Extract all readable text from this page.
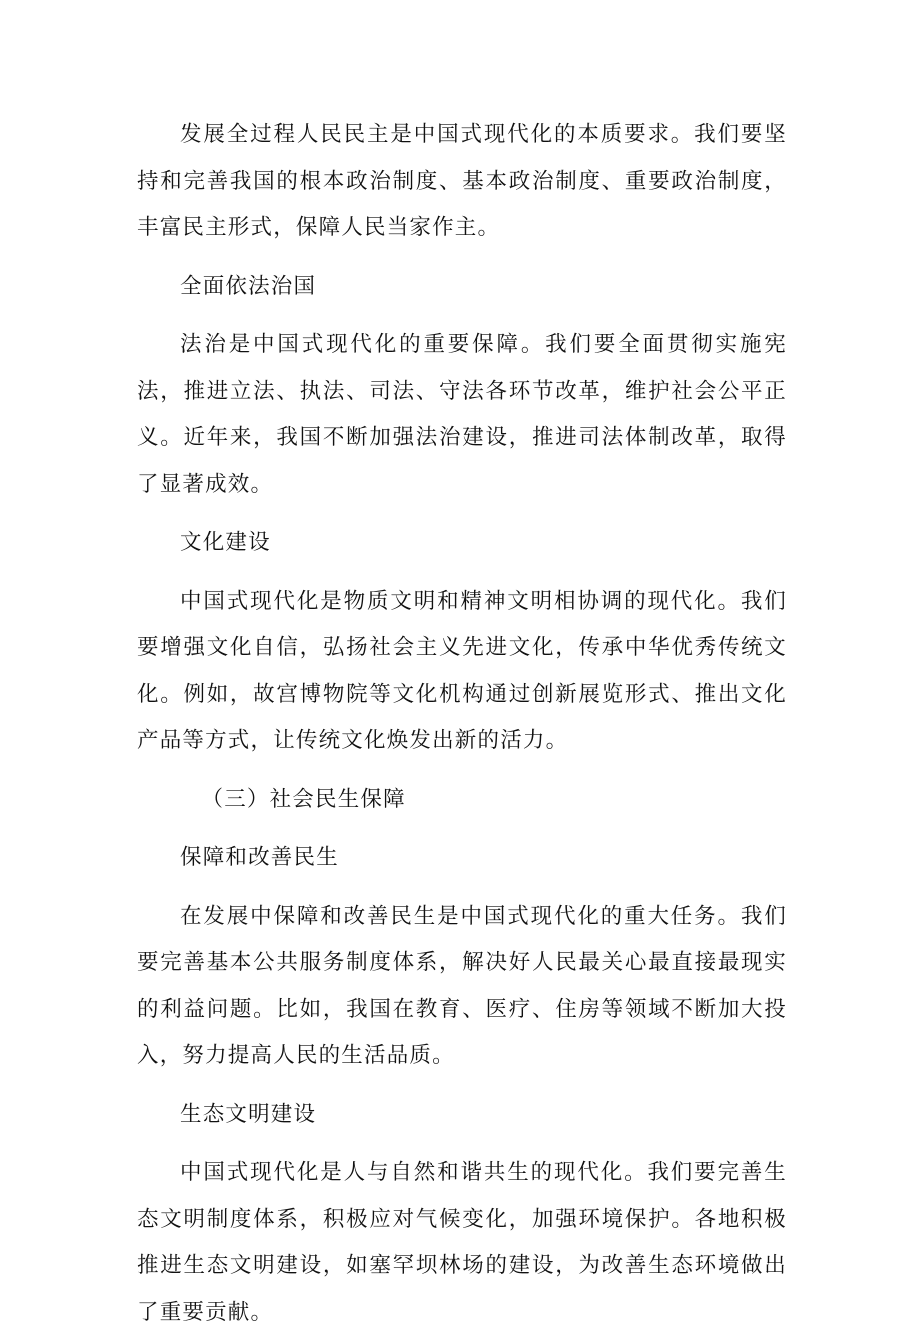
发展全过程人民民主是中国式现代化的本质要求。我们要坚持和完善我国的根本政治制度、基本政治制度、重要政治制度，丰富民主形式，保障人民当家作主。

全面依法治国

法治是中国式现代化的重要保障。我们要全面贯彻实施宪法，推进立法、执法、司法、守法各环节改革，维护社会公平正义。近年来，我国不断加强法治建设，推进司法体制改革，取得了显著成效。

文化建设

中国式现代化是物质文明和精神文明相协调的现代化。我们要增强文化自信，弘扬社会主义先进文化，传承中华优秀传统文化。例如，故宫博物院等文化机构通过创新展览形式、推出文化产品等方式，让传统文化焕发出新的活力。

（三）社会民生保障

保障和改善民生

在发展中保障和改善民生是中国式现代化的重大任务。我们要完善基本公共服务制度体系，解决好人民最关心最直接最现实的利益问题。比如，我国在教育、医疗、住房等领域不断加大投入，努力提高人民的生活品质。

生态文明建设

中国式现代化是人与自然和谐共生的现代化。我们要完善生态文明制度体系，积极应对气候变化，加强环境保护。各地积极推进生态文明建设，如塞罕坝林场的建设，为改善生态环境做出了重要贡献。
